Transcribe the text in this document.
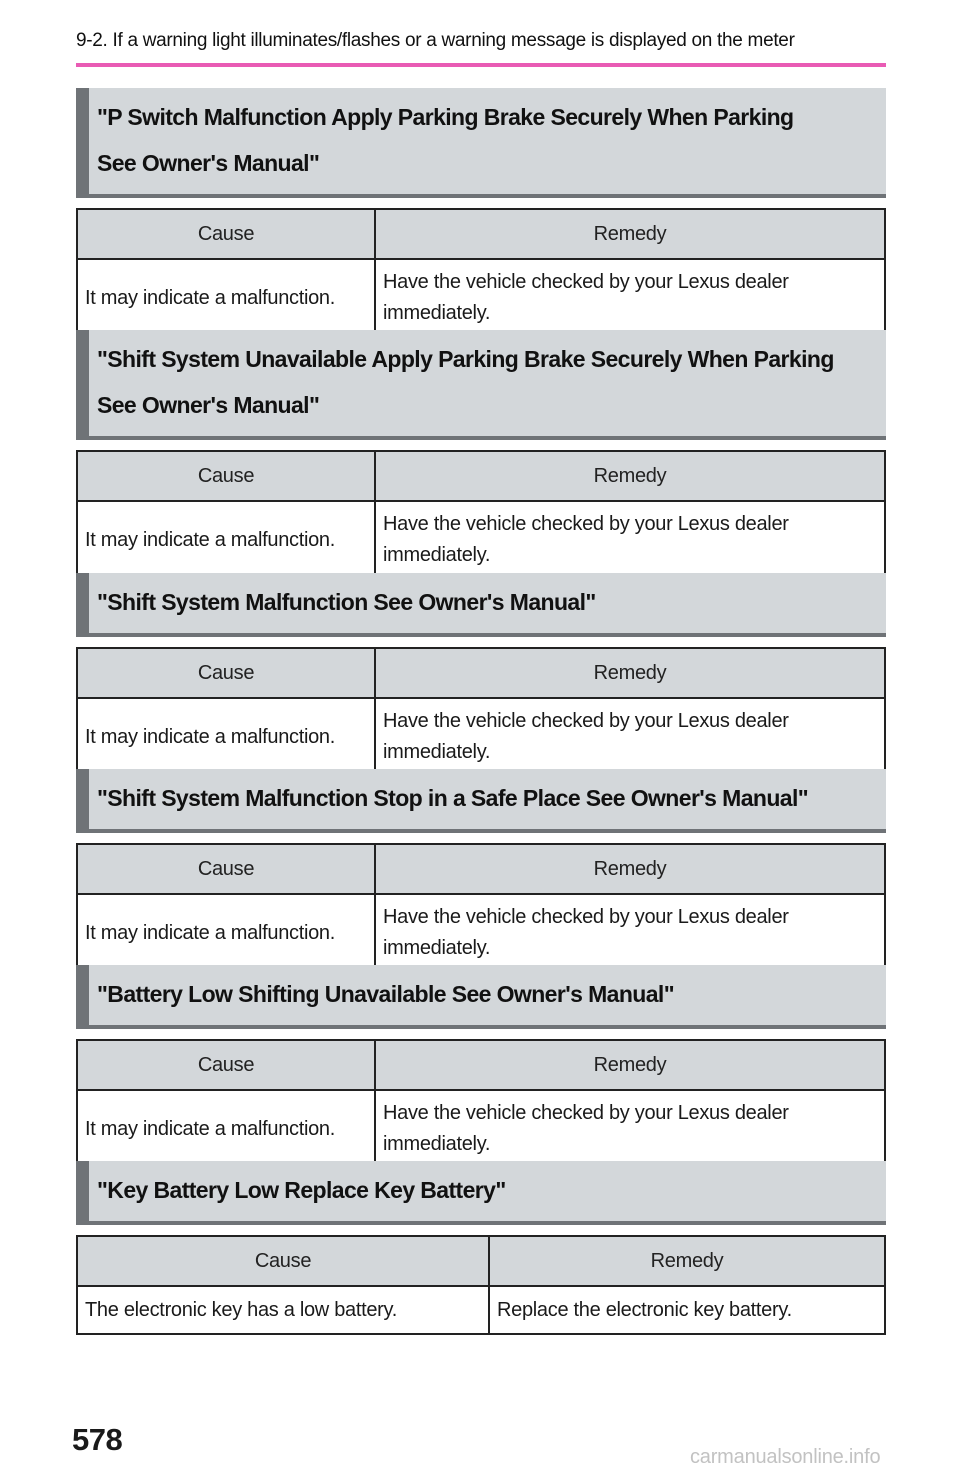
9-2. If a warning light illuminates/flashes or a warning message is displayed on the meter
"P Switch Malfunction Apply Parking Brake Securely When Parking
See Owner's Manual"
Cause	Remedy
It may indicate a malfunction.	Have the vehicle checked by your Lexus dealer immediately.
"Shift System Unavailable Apply Parking Brake Securely When Parking
See Owner's Manual"
Cause	Remedy
It may indicate a malfunction.	Have the vehicle checked by your Lexus dealer immediately.
"Shift System Malfunction See Owner's Manual"
Cause	Remedy
It may indicate a malfunction.	Have the vehicle checked by your Lexus dealer immediately.
"Shift System Malfunction Stop in a Safe Place See Owner's Manual"
Cause	Remedy
It may indicate a malfunction.	Have the vehicle checked by your Lexus dealer immediately.
"Battery Low Shifting Unavailable See Owner's Manual"
Cause	Remedy
It may indicate a malfunction.	Have the vehicle checked by your Lexus dealer immediately.
"Key Battery Low Replace Key Battery"
Cause	Remedy
The electronic key has a low battery.	Replace the electronic key battery.
578	carmanualsonline.info
